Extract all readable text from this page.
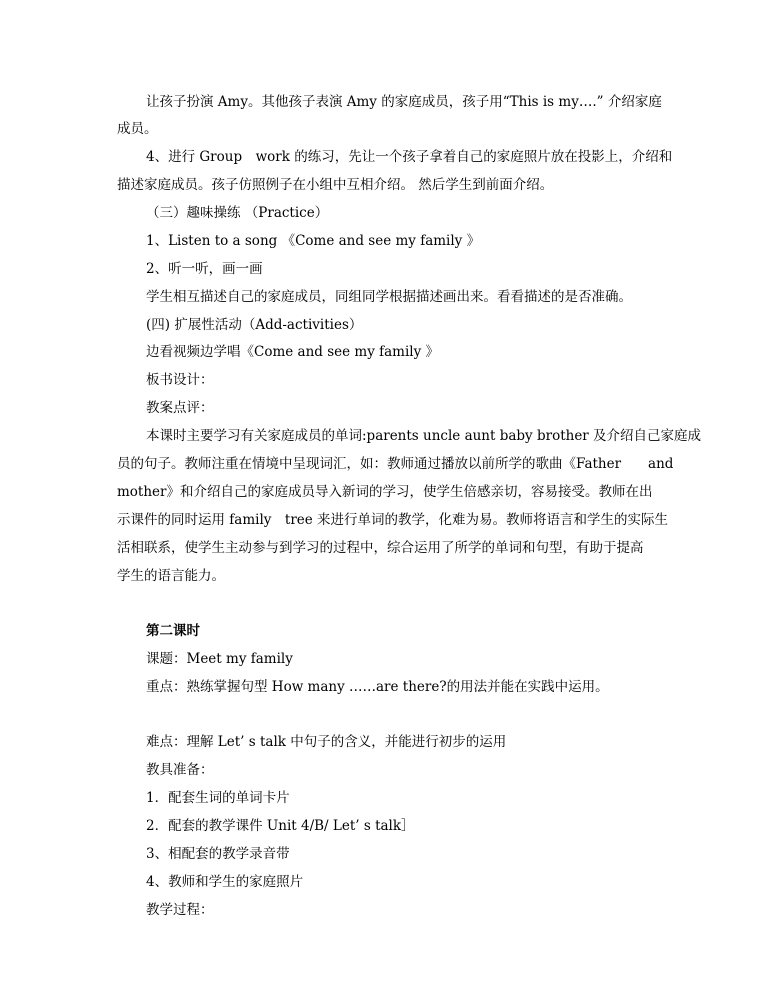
让孩子扮演 Amy。其他孩子表演 Amy 的家庭成员，孩子用“This is my….” 介绍家庭
成员。
4、进行 Group　work 的练习，先让一个孩子拿着自己的家庭照片放在投影上，介绍和
描述家庭成员。孩子仿照例子在小组中互相介绍。 然后学生到前面介绍。
（三）趣味操练 （Practice）
1、Listen to a song 《Come and see my family 》
2、听一听，画一画
学生相互描述自己的家庭成员，同组同学根据描述画出来。看看描述的是否准确。
(四) 扩展性活动（Add-activities）
边看视频边学唱《Come and see my family 》
板书设计：
教案点评：
本课时主要学习有关家庭成员的单词:parents uncle aunt baby brother 及介绍自己家庭成
员的句子。教师注重在情境中呈现词汇，如：教师通过播放以前所学的歌曲《Father　　and
mother》和介绍自己的家庭成员导入新词的学习，使学生倍感亲切，容易接受。教师在出
示课件的同时运用 family　tree 来进行单词的教学，化难为易。教师将语言和学生的实际生
活相联系，使学生主动参与到学习的过程中，综合运用了所学的单词和句型，有助于提高
学生的语言能力。
第二课时
课题：Meet my family
重点：熟练掌握句型 How many ……are there?的用法并能在实践中运用。
难点：理解 Let’ s talk 中句子的含义，并能进行初步的运用
教具准备：
1．配套生词的单词卡片
2．配套的教学课件 Unit 4/B/ Let’ s talk］
3、相配套的教学录音带
4、教师和学生的家庭照片
教学过程：
